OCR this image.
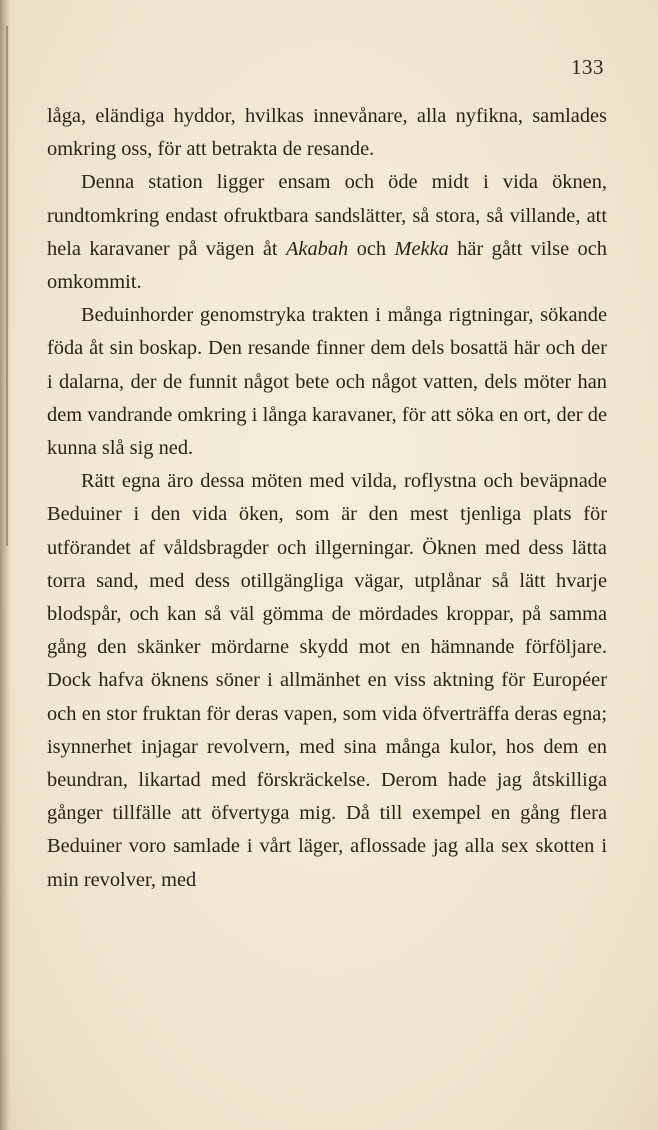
133

låga, eländiga hyddor, hvilkas innevånare, alla nyfikna, samlades omkring oss, för att betrakta de resande.

Denna station ligger ensam och öde midt i vida öknen, rundtomkring endast ofruktbara sandslätter, så stora, så villande, att hela karavaner på vägen åt Akabah och Mekka här gått vilse och omkommit.

Beduinhorder genomstryka trakten i många rigtningar, sökande föda åt sin boskap. Den resande finner dem dels bosattä här och der i dalarna, der de funnit något bete och något vatten, dels möter han dem vandrande omkring i långa karavaner, för att söka en ort, der de kunna slå sig ned.

Rätt egna äro dessa möten med vilda, roflystna och beväpnade Beduiner i den vida öken, som är den mest tjenliga plats för utförandet af våldsbragder och illgerningar. Öknen med dess lätta torra sand, med dess otillgängliga vägar, utplånar så lätt hvarje blodspår, och kan så väl gömma de mördades kroppar, på samma gång den skänker mördarne skydd mot en hämnande förföljare. Dock hafva öknens söner i allmänhet en viss aktning för Européer och en stor fruktan för deras vapen, som vida öfverträffa deras egna; isynnerhet injagar revolvern, med sina många kulor, hos dem en beundran, likartad med förskräckelse. Derom hade jag åtskilliga gånger tillfälle att öfvertyga mig. Då till exempel en gång flera Beduiner voro samlade i vårt läger, aflossade jag alla sex skotten i min revolver, med
